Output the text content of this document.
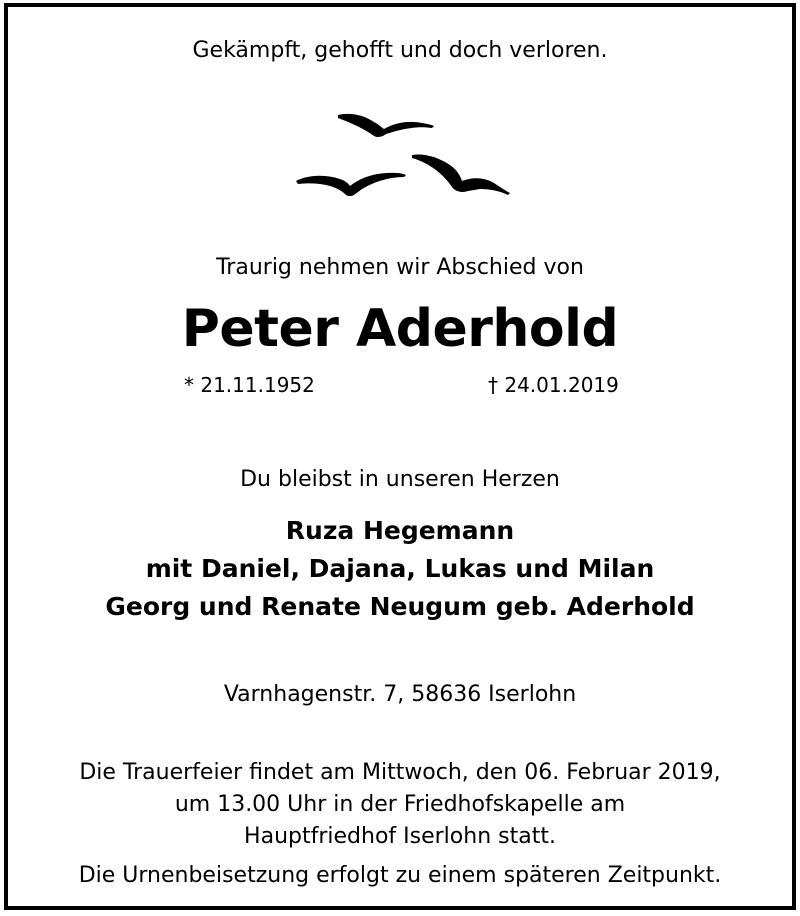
Gekämpft, gehofft und doch verloren.
Traurig nehmen wir Abschied von
Peter Aderhold
* 21.11.1952	† 24.01.2019
Du bleibst in unseren Herzen
Ruza Hegemann
mit Daniel, Dajana, Lukas und Milan
Georg und Renate Neugum geb. Aderhold
Varnhagenstr. 7, 58636 Iserlohn
Die Trauerfeier findet am Mittwoch, den 06. Februar 2019,
um 13.00 Uhr in der Friedhofskapelle am
Hauptfriedhof Iserlohn statt.
Die Urnenbeisetzung erfolgt zu einem späteren Zeitpunkt.
